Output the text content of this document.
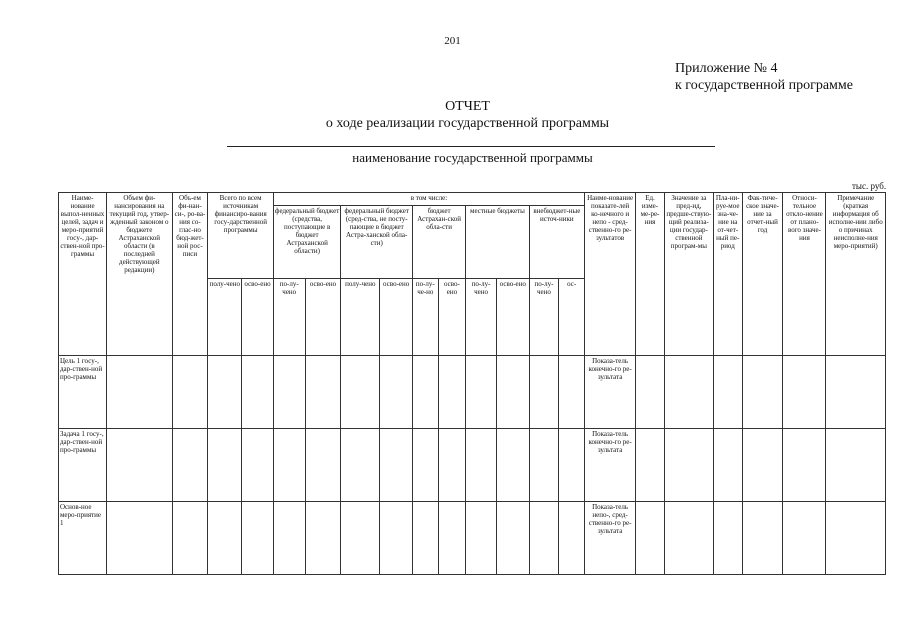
201
Приложение № 4
к государственной программе
ОТЧЕТ
о ходе реализации государственной программы
наименование государственной программы
тыс. руб.
Наиме-нование выпол-ненных целей, задач и меро-приятий госу-, дар-ствен-ной про-граммы	Объем фи-нансирования на текущий год, утвер-жденный законом о бюджете Астраханской области (в последней действующей редакции)	Объ-ем фи-нан-си-, ро-ва-ния со-глас-но бюд-жет-ной рос-писи	Всего по всем источникам финансиро-вания госу-дарственной программы		в том числе:										Наиме-нование показате-лей ко-нечного и непо - сред-ственно-го ре-зультатов	Ед. изме-ме-ре-ния	Значение за пред-ид, предше-ствую-щий реализа-ции государ-ственной програм-мы	Пла-ни-руе-мое зна-че-ние на от-чет-ный пе-риод	Фак-тиче-ское значе-ние за отчет-ный год	Относи-тельное откло-нение от плано-вого значе-ния	Примечание (краткая информация об исполне-нии либо о причинах неисполне-ния меро-приятий)
					федеральный бюджет (средства, поступающие в бюджет Астраханской области)		федеральный бюджет (сред-ства, не посту-пающие в бюджет Астра-ханской обла-сти)		бюджет Астрахан-ской обла-сти		местные бюджеты		внебюджет-ные источ-ники								
			полу-чено	осво-ено	по-лу-чено	осво-ено	полу-чено	осво-ено	по-лу-че-но	осво-ено	по-лу-чено	осво-ено	по-лу-чено	ос-							
Цель 1 госу-, дар-ствен-ной про-граммы															Показа-тель конечно-го ре-зультата						
Задача 1 госу-, дар-ствен-ной про-граммы															Показа-тель конечно-го ре-зультата						
Основ-ное меро-приятие 1															Показа-тель непо-, сред-ственно-го ре-зультата						
